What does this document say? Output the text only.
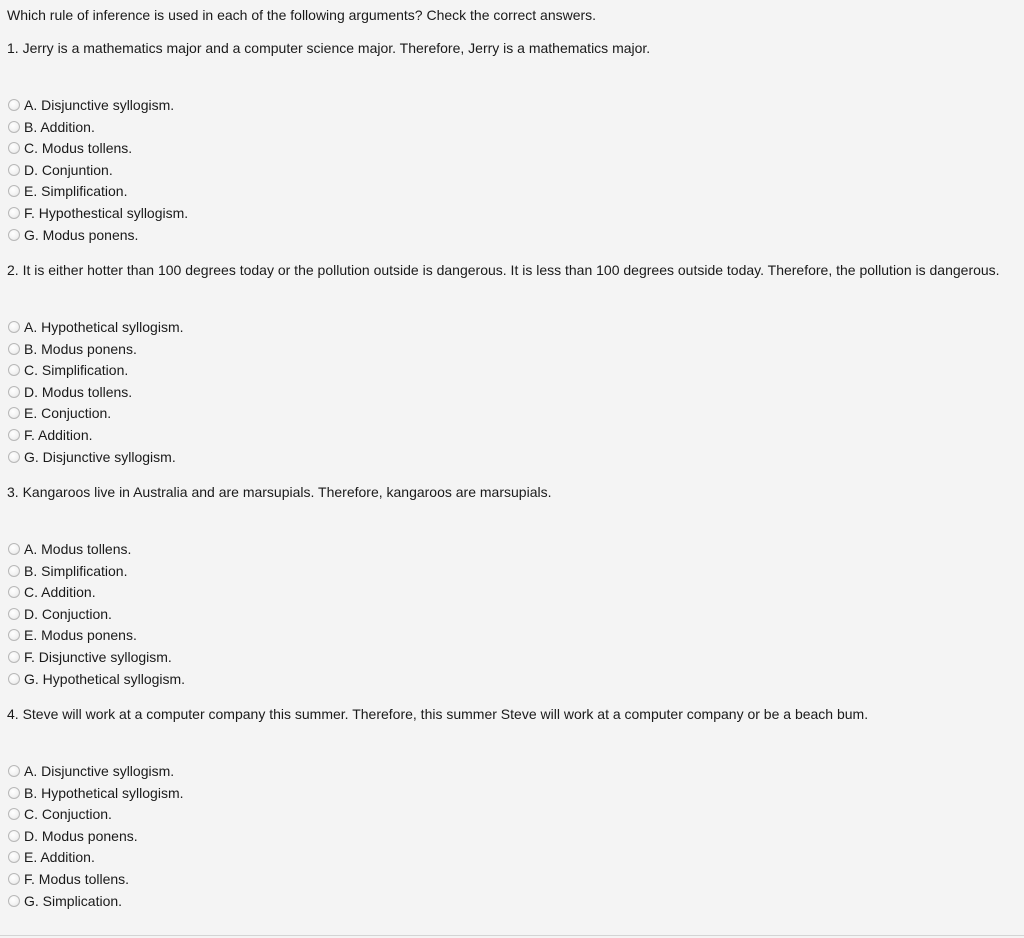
Which rule of inference is used in each of the following arguments? Check the correct answers.
1. Jerry is a mathematics major and a computer science major. Therefore, Jerry is a mathematics major.
A. Disjunctive syllogism.
B. Addition.
C. Modus tollens.
D. Conjuntion.
E. Simplification.
F. Hypothestical syllogism.
G. Modus ponens.
2. It is either hotter than 100 degrees today or the pollution outside is dangerous. It is less than 100 degrees outside today. Therefore, the pollution is dangerous.
A. Hypothetical syllogism.
B. Modus ponens.
C. Simplification.
D. Modus tollens.
E. Conjuction.
F. Addition.
G. Disjunctive syllogism.
3. Kangaroos live in Australia and are marsupials. Therefore, kangaroos are marsupials.
A. Modus tollens.
B. Simplification.
C. Addition.
D. Conjuction.
E. Modus ponens.
F. Disjunctive syllogism.
G. Hypothetical syllogism.
4. Steve will work at a computer company this summer. Therefore, this summer Steve will work at a computer company or be a beach bum.
A. Disjunctive syllogism.
B. Hypothetical syllogism.
C. Conjuction.
D. Modus ponens.
E. Addition.
F. Modus tollens.
G. Simplication.
